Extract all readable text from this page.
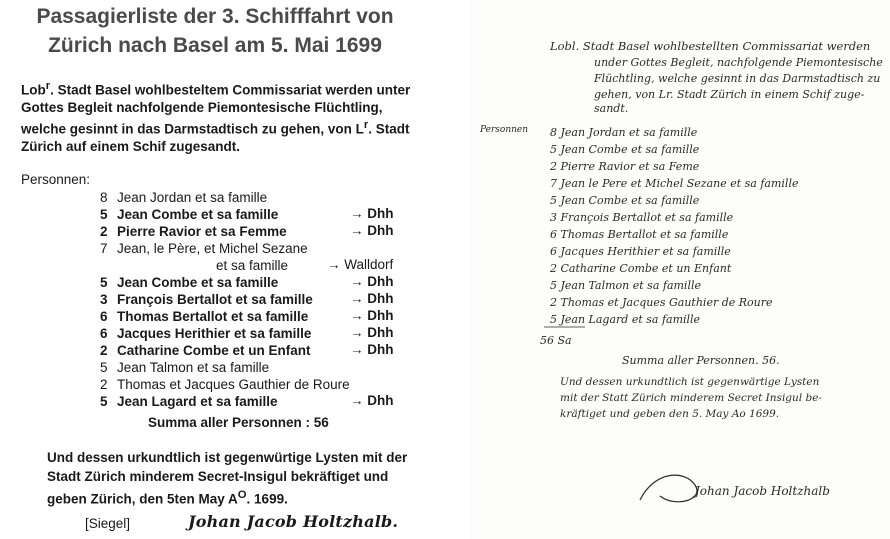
Passagierliste der 3. Schifffahrt von
Zürich nach Basel am 5. Mai 1699
Lob$^r$. Stadt Basel wohlbesteltem Commissariat werden unter Gottes Begleit nachfolgende Piemontesische Flüchtling, welche gesinnt in das Darmstadtisch zu gehen, von $L^r$. Stadt Zürich auf einem Schif zugesandt.
Personnen:
8 Jean Jordan et sa famille
5 Jean Combe et sa famille	→ Dhh
2 Pierre Ravior et sa Femme	→ Dhh
7 Jean, le Père, et Michel Sezane
et sa famille	→ Walldorf
5 Jean Combe et sa famille	→ Dhh
3 François Bertallot et sa famille	→ Dhh
6 Thomas Bertallot et sa famille	→ Dhh
6 Jacques Herithier et sa famille	→ Dhh
2 Catharine Combe et un Enfant	→ Dhh
5 Jean Talmon et sa famille
2 Thomas et Jacques Gauthier de Roure
5 Jean Lagard et sa famille	→ Dhh
Summa aller Personnen : 56
Und dessen urkundtlich ist gegenwürtige Lysten mit der Stadt Zürich minderem Secret-Insigul bekräftiget und geben Zürich, den 5ten May $A^O$. 1699.
[Siegel]	Johan Jacob Holtzhalb.
Lobl. Stadt Basel wohlbestellten Commissariat werden
under Gottes Begleit, nachfolgende Piemontesische
Flüchtling, welche gesinnt in das Darmstadtisch zu
gehen, von Lr. Stadt Zürich in einem Schif zuge-
sandt.
Personnen 8 Jean Jordan et sa famille
5 Jean Combe et sa famille
2 Pierre Ravior et sa Feme
7 Jean le Pere et Michel Sezane et sa famille
5 Jean Combe et sa famille
3 François Bertallot et sa famille
6 Thomas Bertallot et sa famille
6 Jacques Herithier et sa famille
2 Catharine Combe et un Enfant
5 Jean Talmon et sa famille
2 Thomas et Jacques Gauthier de Roure
5 Jean Lagard et sa famille
56 Sa
Summa aller Personnen. 56.
Und dessen urkundtlich ist gegenwärtige Lysten
mit der Statt Zürich minderem Secret Insigul be-
kräftiget und geben den 5. May Ao 1699.
Johan Jacob Holtzhalb
